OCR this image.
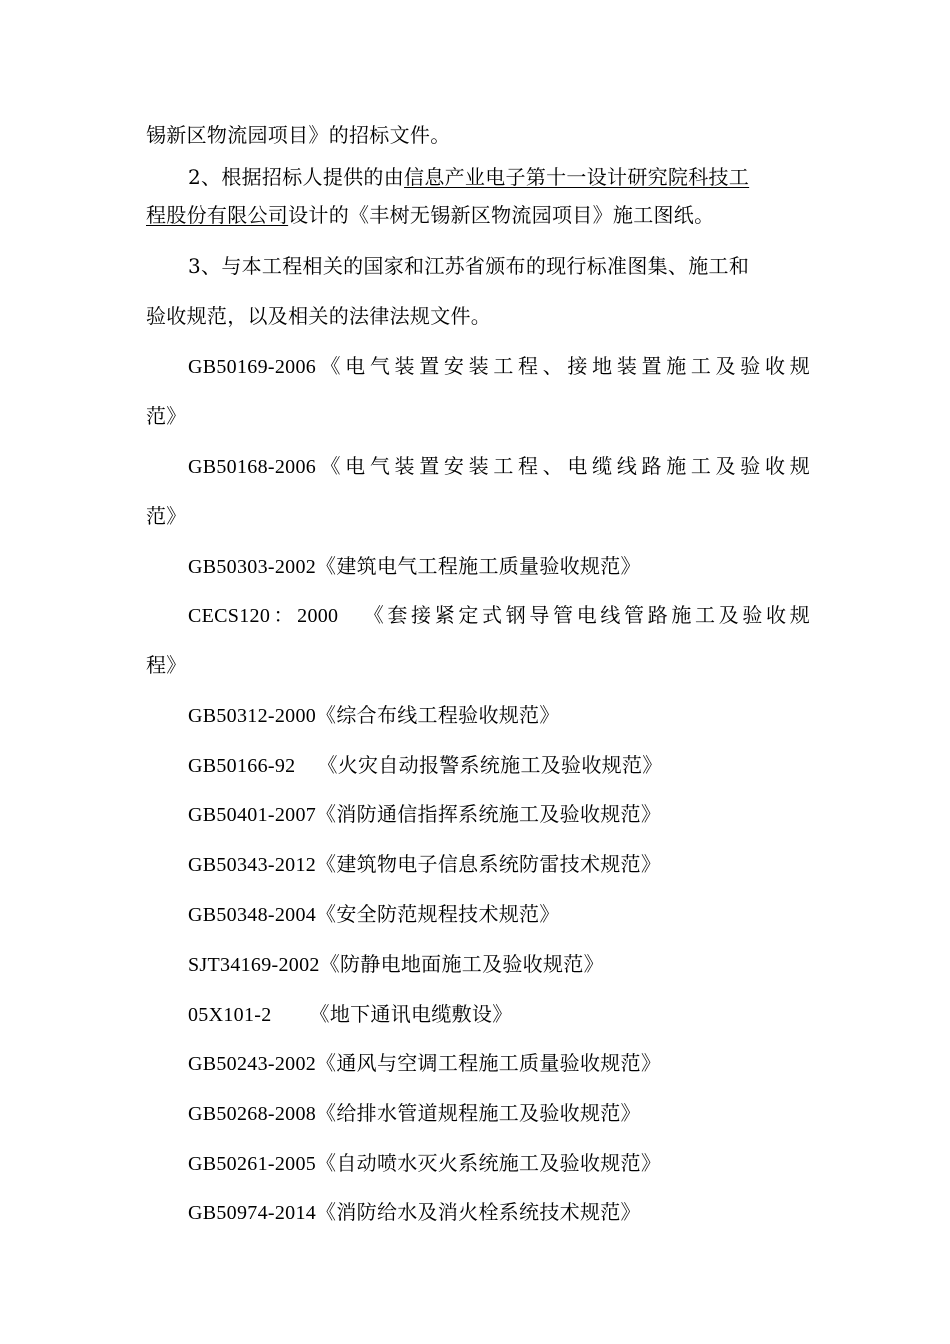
锡新区物流园项目》的招标文件。
2、根据招标人提供的由信息产业电子第十一设计研究院科技工
程股份有限公司设计的《丰树无锡新区物流园项目》施工图纸。
3、与本工程相关的国家和江苏省颁布的现行标准图集、施工和
验收规范，以及相关的法律法规文件。
GB50169-2006《电气装置安装工程、接地装置施工及验收规
范》
GB50168-2006《电气装置安装工程、电缆线路施工及验收规
范》
GB50303-2002《建筑电气工程施工质量验收规范》
CECS120：2000 《套接紧定式钢导管电线管路施工及验收规
程》
GB50312-2000《综合布线工程验收规范》
GB50166-92 《火灾自动报警系统施工及验收规范》
GB50401-2007《消防通信指挥系统施工及验收规范》
GB50343-2012《建筑物电子信息系统防雷技术规范》
GB50348-2004《安全防范规程技术规范》
SJT34169-2002《防静电地面施工及验收规范》
05X101-2 《地下通讯电缆敷设》
GB50243-2002《通风与空调工程施工质量验收规范》
GB50268-2008《给排水管道规程施工及验收规范》
GB50261-2005《自动喷水灭火系统施工及验收规范》
GB50974-2014《消防给水及消火栓系统技术规范》
